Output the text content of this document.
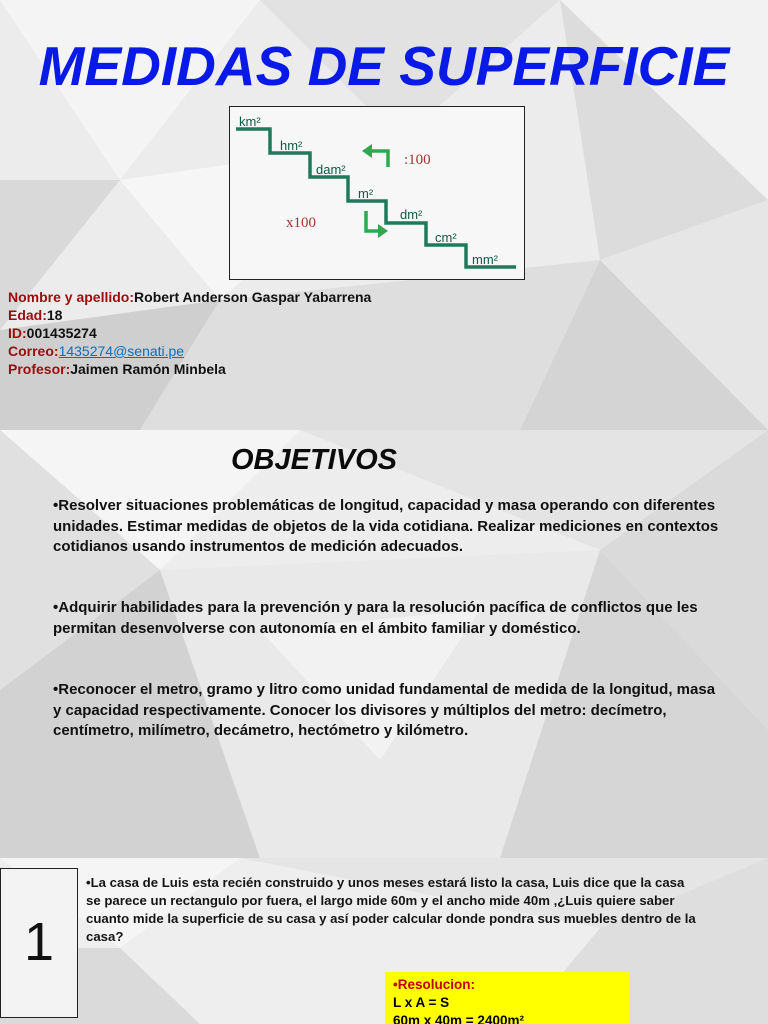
MEDIDAS DE SUPERFICIE
km²
hm²
dam²
m²
dm²
cm²
mm²
:100
x100
Nombre y apellido:Robert Anderson Gaspar Yabarrena
Edad:18
ID:001435274
Correo:1435274@senati.pe
Profesor:Jaimen Ramón Minbela
OBJETIVOS
•Resolver situaciones problemáticas de longitud, capacidad y masa operando con diferentes unidades. Estimar medidas de objetos de la vida cotidiana. Realizar mediciones en contextos cotidianos usando instrumentos de medición adecuados.
•Adquirir habilidades para la prevención y para la resolución pacífica de conflictos que les permitan desenvolverse con autonomía en el ámbito familiar y doméstico.
•Reconocer el metro, gramo y litro como unidad fundamental de medida de la longitud, masa y capacidad respectivamente. Conocer los divisores y múltiplos del metro: decímetro, centímetro, milímetro, decámetro, hectómetro y kilómetro.
1
•La casa de Luis esta recién construido y unos meses estará listo la casa, Luis dice que la casa se parece un rectangulo por fuera, el largo mide 60m y el ancho mide 40m ,¿Luis quiere saber cuanto mide la superficie de su casa y así poder calcular donde pondra sus muebles dentro de la casa?
•Resolucion:
L x A = S
60m x 40m = 2400m²
